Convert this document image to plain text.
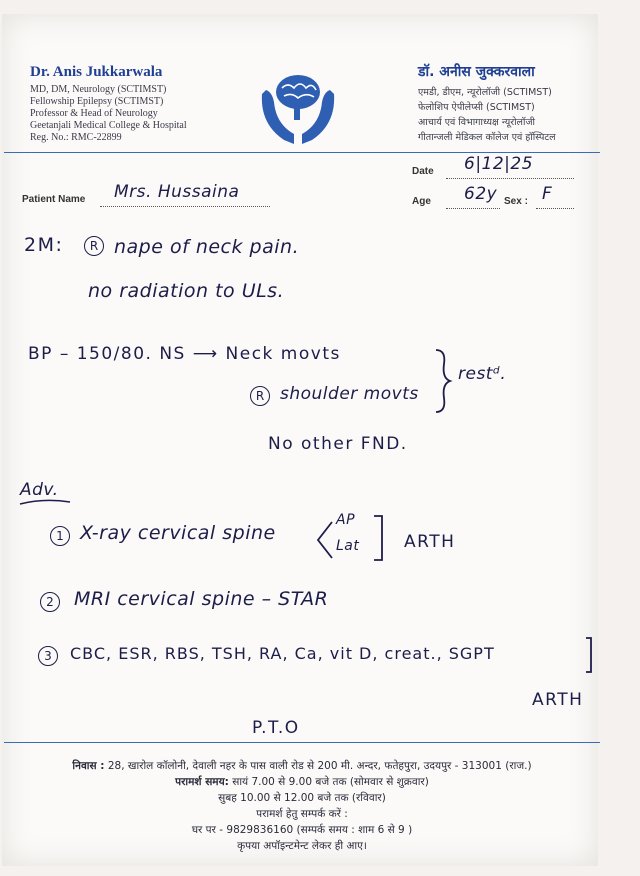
Dr. Anis Jukkarwala
MD, DM, Neurology (SCTIMST)
Fellowship Epilepsy (SCTIMST)
Professor & Head of Neurology
Geetanjali Medical College & Hospital
Reg. No.: RMC-22899
डॉ. अनीस जुक्करवाला
एमडी, डीएम, न्यूरोलॉजी (SCTIMST)
फेलोशिप ऐपीलेप्सी (SCTIMST)
आचार्य एवं विभागाध्यक्ष न्यूरोलॉजी
गीतान्जली मेडिकल कॉलेज एवं हॉस्पिटल
Patient Name Mrs. Hussaina
Date 6|12|25
Age 62y Sex : F
2M:	R nape of neck pain.
no radiation to ULs.
BP – 150/80. NS ⟶ Neck movts
R shoulder movts
restᵈ.
No other FND.
Adv.
1 X-ray cervical spine
AP
Lat	ARTH
2	MRI cervical spine – STAR
3	CBC, ESR, RBS, TSH, RA, Ca, vit D, creat., SGPT
ARTH
P.T.O
निवास : 28, खारोल कॉलोनी, देवाली नहर के पास वाली रोड से 200 मी. अन्दर, फतेहपुरा, उदयपुर - 313001 (राज.)
परामर्श समय: सायं 7.00 से 9.00 बजे तक (सोमवार से शुक्रवार)
सुबह 10.00 से 12.00 बजे तक (रविवार)
परामर्श हेतु सम्पर्क करें :
घर पर - 9829836160 (सम्पर्क समय : शाम 6 से 9 )
कृपया अपॉइन्टमेन्ट लेकर ही आए।
